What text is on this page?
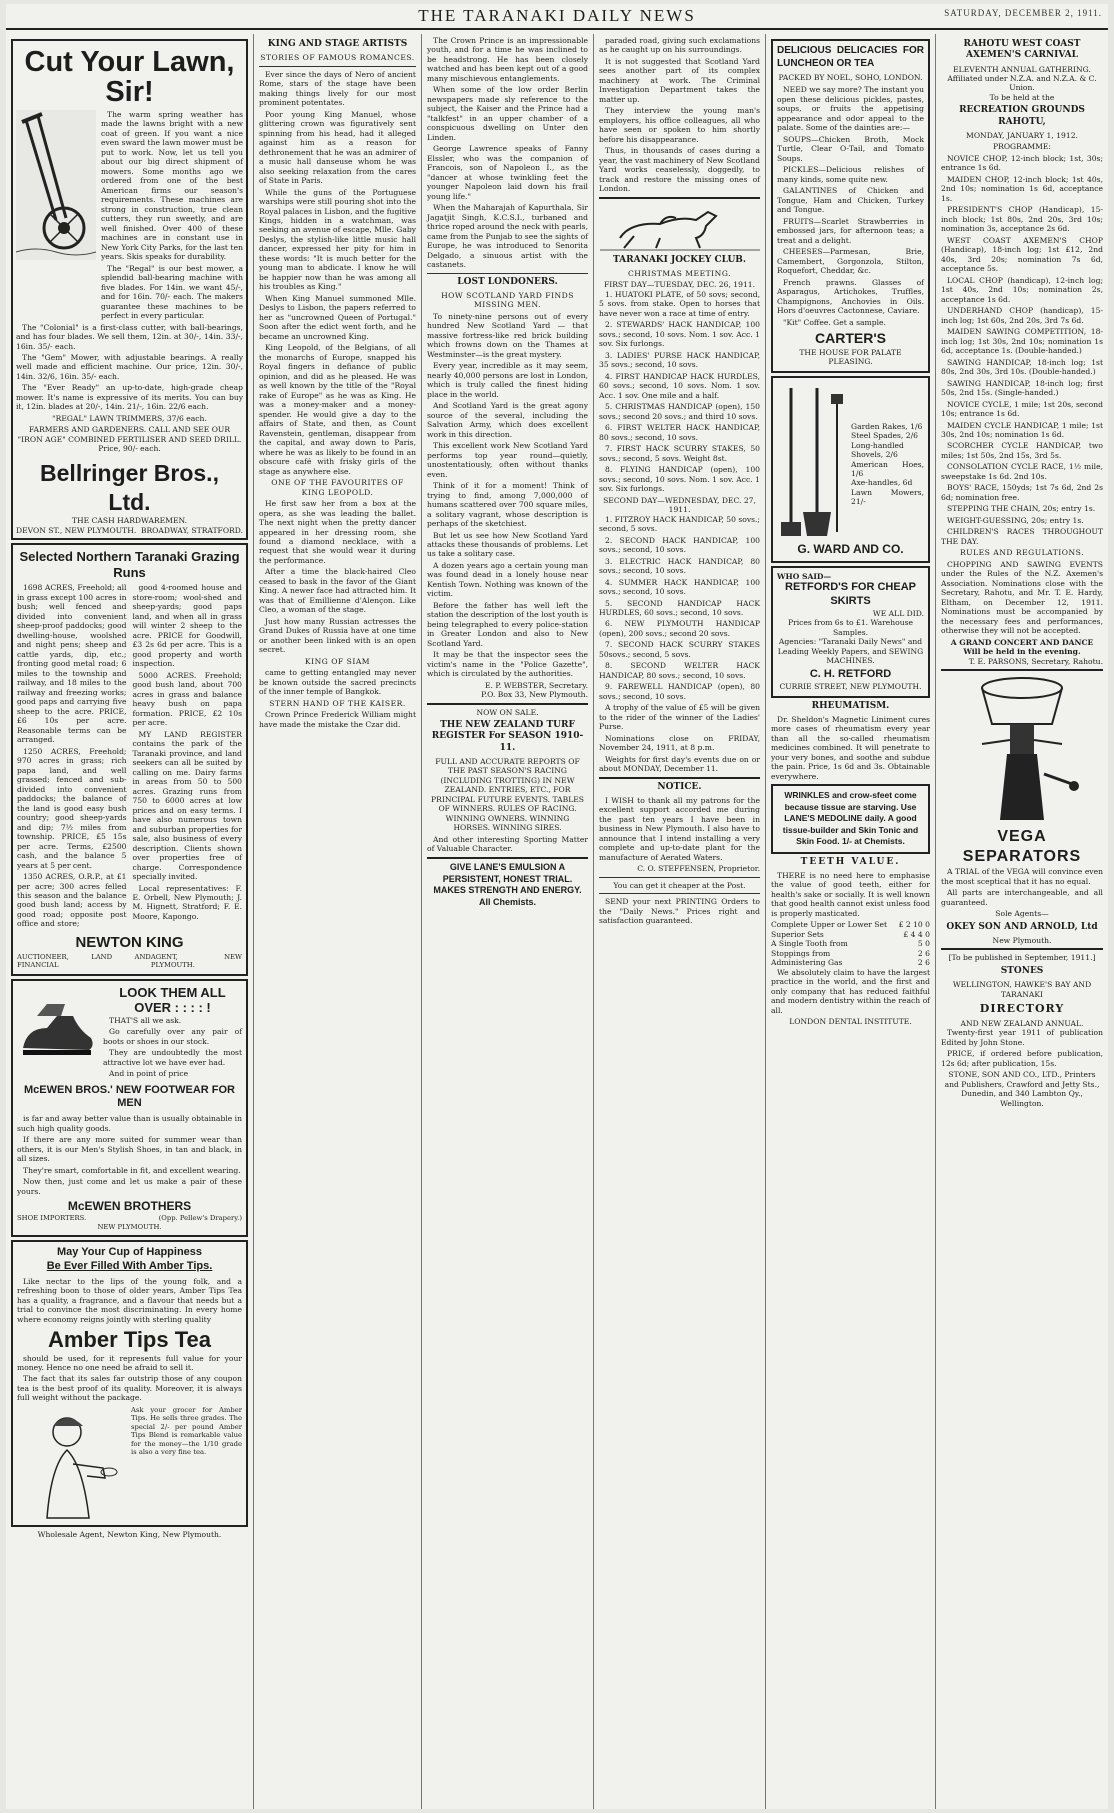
THE TARANAKI DAILY NEWS	SATURDAY, DECEMBER 2, 1911.
Cut Your Lawn, Sir!

The warm spring weather has made the lawns bright with a new coat of green. If you want a nice even sward the lawn mower must be put to work. Now, let us tell you about our big direct shipment of mowers. Some months ago we ordered from one of the best American firms our season's requirements. These machines are strong in construction, true clean cutters, they run sweetly, and are well finished. Over 400 of these machines are in constant use in New York City Parks, for the last ten years. Skis speaks for durability.

The "Regal" is our best mower, a splendid ball-bearing machine with five blades. For 14in. we want 45/-, and for 16in. 70/- each. The makers guarantee these machines to be perfect in every particular.

The "Colonial" is a first-class cutter, with ball-bearings, and has four blades. We sell them, 12in. at 30/-, 14in. 33/-, 16in. 35/- each.

The "Gem" Mower, with adjustable bearings. A really well made and efficient machine. Our price, 12in. 30/-, 14in. 32/6, 16in. 35/- each.

The "Ever Ready" an up-to-date, high-grade cheap mower. It's name is expressive of its merits. You can buy it, 12in. blades at 20/-, 14in. 21/-, 16in. 22/6 each.

"REGAL" LAWN TRIMMERS, 37/6 each.
FARMERS AND GARDENERS. CALL AND SEE OUR "IRON AGE" COMBINED FERTILISER AND SEED DRILL. Price, 90/- each.
Bellringer Bros., Ltd.
THE CASH HARDWAREMEN.
DEVON ST., NEW PLYMOUTH. BROADWAY, STRATFORD.
Selected Northern Taranaki Grazing Runs

1698 ACRES, Freehold; all in grass except 100 acres in bush; well fenced and divided into convenient sheep-proof paddocks; good dwelling-house, woolshed and night pens; sheep and cattle yards, dip, etc.; fronting good metal road; 6 miles to the township and railway, and 18 miles to the railway and freezing works; good paps and carrying five sheep to the acre. PRICE, £6 10s per acre. Reasonable terms can be arranged.

1250 ACRES, Freehold; 970 acres in grass; rich papa land, and well grassed; fenced and sub-divided into convenient paddocks; the balance of the land is good easy bush country; good sheep-yards and dip; 7½ miles from township. PRICE, £5 15s per acre. Terms, £2500 cash, and the balance 5 years at 5 per cent.

1350 ACRES, O.R.P., at £1 per acre; 300 acres felled this season and the balance good bush land; access by good road; opposite post office and store;

good 4-roomed house and store-room; wool-shed and sheep-yards; good paps land, and when all in grass will winter 2 sheep to the acre. PRICE for Goodwill, £3 2s 6d per acre. This is a good property and worth inspection.

5000 ACRES. Freehold; good bush land, about 700 acres in grass and balance heavy bush on papa formation. PRICE, £2 10s per acre.

MY LAND REGISTER contains the park of the Taranaki province, and land seekers can all be suited by calling on me. Dairy farms in areas from 50 to 500 acres. Grazing runs from 750 to 6000 acres at low prices and on easy terms. I have also numerous town and suburban properties for sale, also business of every description. Clients shown over properties free of charge. Correspondence specially invited.

Local representatives: F. E. Orbell, New Plymouth; J. M. Hignett, Stratford; F. E. Moore, Kapongo.

NEWTON KING
AUCTIONEER, LAND AND FINANCIAL
AGENT, NEW PLYMOUTH.
LOOK THEM ALL OVER : : : : !

THAT'S all we ask.

Go carefully over any pair of boots or shoes in our stock.

They are undoubtedly the most attractive lot we have ever had.

And in point of price

McEWEN BROS.' NEW FOOTWEAR FOR MEN

is far and away better value than is usually obtainable in such high quality goods.

If there are any more suited for summer wear than others, it is our Men's Stylish Shoes, in tan and black, in all sizes.

They're smart, comfortable in fit, and excellent wearing.

Now then, just come and let us make a pair of these yours.

McEWEN BROTHERS
SHOE IMPORTERS.	(Opp. Pellew's Drapery.)
NEW PLYMOUTH.
May Your Cup of Happiness
Be Ever Filled With Amber Tips.

Like nectar to the lips of the young folk, and a refreshing boon to those of older years, Amber Tips Tea has a quality, a fragrance, and a flavour that needs but a trial to convince the most discriminating. In every home where economy reigns jointly with sterling quality

Amber Tips Tea

should be used, for it represents full value for your money. Hence no one need be afraid to sell it.

The fact that its sales far outstrip those of any coupon tea is the best proof of its quality. Moreover, it is always full weight without the package.

Ask your grocer for Amber Tips. He sells three grades. The special 2/- per pound Amber Tips Blend is remarkable value for the money—the 1/10 grade is also a very fine tea.

Wholesale Agent, Newton King, New Plymouth.
KING AND STAGE ARTISTS
STORIES OF FAMOUS ROMANCES.

Ever since the days of Nero of ancient Rome, stars of the stage have been making things lively for our most prominent potentates.

Poor young King Manuel, whose glittering crown was figuratively sent spinning from his head, had it alleged against him as a reason for dethronement that he was an admirer of a music hall danseuse whom he was also seeking relaxation from the cares of State in Paris.

While the guns of the Portuguese warships were still pouring shot into the Royal palaces in Lisbon, and the fugitive Kings, hidden in a watchman, was seeking an avenue of escape, Mlle. Gaby Deslys, the stylish-like little music hall dancer, expressed her pity for him in these words: "It is much better for the young man to abdicate. I know he will be happier now than he was among all his troubles as King."

When King Manuel summoned Mlle. Deslys to Lisbon, the papers referred to her as "uncrowned Queen of Portugal." Soon after the edict went forth, and he became an uncrowned King.

King Leopold, of the Belgians, of all the monarchs of Europe, snapped his Royal fingers in defiance of public opinion, and did as he pleased. He was as well known by the title of the "Royal rake of Europe" as he was as King. He was a money-maker and a money-spender. He would give a day to the affairs of State, and then, as Count Ravenstein, gentleman, disappear from the capital, and away down to Paris, where he was as likely to be found in an obscure café with frisky girls of the stage as anywhere else.

ONE OF THE FAVOURITES OF KING LEOPOLD.

He first saw her from a box at the opera, as she was leading the ballet. The next night when the pretty dancer appeared in her dressing room, she found a diamond necklace, with a request that she would wear it during the performance.

After a time the black-haired Cleo ceased to bask in the favor of the Giant King. A newer face had attracted him. It was that of Emillienne d'Alençon. Like Cleo, a woman of the stage.

Just how many Russian actresses the Grand Dukes of Russia have at one time or another been linked with is an open secret.

KING OF SIAM

came to getting entangled may never be known outside the sacred precincts of the inner temple of Bangkok.

STERN HAND OF THE KAISER.

Crown Prince Frederick William might have made the mistake the Czar did.

The Crown Prince is an impressionable youth, and for a time he was inclined to be headstrong. He has been closely watched and has been kept out of a good many mischievous entanglements.

When some of the low order Berlin newspapers made sly reference to the subject, the Kaiser and the Prince had a "talkfest" in an upper chamber of a conspicuous dwelling on Unter den Linden.

George Lawrence speaks of Fanny Elssler, who was the companion of Francois, son of Napoleon I., as the "dancer at whose twinkling feet the younger Napoleon laid down his frail young life."

When the Maharajah of Kapurthala, Sir Jagatjit Singh, K.C.S.I., turbaned and thrice roped around the neck with pearls, came from the Punjab to see the sights of Europe, he was introduced to Senorita Delgado, a sinuous artist with the castanets.

LOST LONDONERS.
HOW SCOTLAND YARD FINDS MISSING MEN.

To ninety-nine persons out of every hundred New Scotland Yard — that massive fortress-like red brick building which frowns down on the Thames at Westminster—is the great mystery.

Every year, incredible as it may seem, nearly 40,000 persons are lost in London, which is truly called the finest hiding place in the world.

And Scotland Yard is the great agony source of the several, including the Salvation Army, which does excellent work in this direction.

This excellent work New Scotland Yard performs top year round—quietly, unostentatiously, often without thanks even.

Think of it for a moment! Think of trying to find, among 7,000,000 of humans scattered over 700 square miles, a solitary vagrant, whose description is perhaps of the sketchiest.

But let us see how New Scotland Yard attacks these thousands of problems. Let us take a solitary case.

A dozen years ago a certain young man was found dead in a lonely house near Kentish Town. Nothing was known of the victim.

Before the father has well left the station the description of the lost youth is being telegraphed to every police-station in Greater London and also to New Scotland Yard.

It may be that the inspector sees the victim's name in the "Police Gazette", which is circulated by the authorities.

E. P. WEBSTER, Secretary.
P.O. Box 33, New Plymouth.
NOW ON SALE.
THE NEW ZEALAND TURF REGISTER For SEASON 1910-11.

FULL AND ACCURATE REPORTS OF THE PAST SEASON'S RACING (INCLUDING TROTTING) IN NEW ZEALAND. ENTRIES, ETC., FOR PRINCIPAL FUTURE EVENTS. TABLES OF WINNERS. RULES OF RACING. WINNING OWNERS. WINNING HORSES. WINNING SIRES.

And other interesting Sporting Matter of Valuable Character.

GIVE LANE'S EMULSION A PERSISTENT, HONEST TRIAL. MAKES STRENGTH AND ENERGY. All Chemists.

paraded road, giving such exclamations as he caught up on his surroundings.

It is not suggested that Scotland Yard sees another part of its complex machinery at work. The Criminal Investigation Department takes the matter up.

They interview the young man's employers, his office colleagues, all who have seen or spoken to him shortly before his disappearance.

Thus, in thousands of cases during a year, the vast machinery of New Scotland Yard works ceaselessly, doggedly, to track and restore the missing ones of London.

TARANAKI JOCKEY CLUB.
CHRISTMAS MEETING.
FIRST DAY—TUESDAY, DEC. 26, 1911.

1. HUATOKI PLATE, of 50 sovs; second, 5 sovs. from stake. Open to horses that have never won a race at time of entry.

2. STEWARDS' HACK HANDICAP, 100 sovs.; second, 10 sovs. Nom. 1 sov. Acc. 1 sov. Six furlongs.

3. LADIES' PURSE HACK HANDICAP, 35 sovs.; second, 10 sovs.

4. FIRST HANDICAP HACK HURDLES, 60 sovs.; second, 10 sovs. Nom. 1 sov. Acc. 1 sov. One mile and a half.

5. CHRISTMAS HANDICAP (open), 150 sovs.; second 20 sovs.; and third 10 sovs.

6. FIRST WELTER HACK HANDICAP, 80 sovs.; second, 10 sovs.

7. FIRST HACK SCURRY STAKES, 50 sovs.; second, 5 sovs. Weight 8st.

8. FLYING HANDICAP (open), 100 sovs.; second, 10 sovs. Nom. 1 sov. Acc. 1 sov. Six furlongs.

SECOND DAY—WEDNESDAY, DEC. 27, 1911.

1. FITZROY HACK HANDICAP, 50 sovs.; second, 5 sovs.

2. SECOND HACK HANDICAP, 100 sovs.; second, 10 sovs.

3. ELECTRIC HACK HANDICAP, 80 sovs.; second, 10 sovs.

4. SUMMER HACK HANDICAP, 100 sovs.; second, 10 sovs.

5. SECOND HANDICAP HACK HURDLES, 60 sovs.; second, 10 sovs.

6. NEW PLYMOUTH HANDICAP (open), 200 sovs.; second 20 sovs.

7. SECOND HACK SCURRY STAKES 50sovs.; second, 5 sovs.

8. SECOND WELTER HACK HANDICAP, 80 sovs.; second, 10 sovs.

9. FAREWELL HANDICAP (open), 80 sovs.; second, 10 sovs.

A trophy of the value of £5 will be given to the rider of the winner of the Ladies' Purse.

Nominations close on FRIDAY, November 24, 1911, at 8 p.m.

Weights for first day's events due on or about MONDAY, December 11.

NOTICE.

I WISH to thank all my patrons for the excellent support accorded me during the past ten years I have been in business in New Plymouth. I also have to announce that I intend installing a very complete and up-to-date plant for the manufacture of Aerated Waters.

C. O. STEFFENSEN, Proprietor.
You can get it cheaper at the Post.

SEND your next PRINTING Orders to the "Daily News." Prices right and satisfaction guaranteed.

DELICIOUS DELICACIES FOR LUNCHEON OR TEA
PACKED BY NOEL, SOHO, LONDON.

NEED we say more? The instant you open these delicious pickles, pastes, soups, or fruits the appetising appearance and odor appeal to the palate. Some of the dainties are:—

SOUPS—Chicken Broth, Mock Turtle, Clear O-Tail, and Tomato Soups.

PICKLES—Delicious relishes of many kinds, some quite new.

GALANTINES of Chicken and Tongue, Ham and Chicken, Turkey and Tongue.

FRUITS—Scarlet Strawberries in embossed jars, for afternoon teas; a treat and a delight.

CHEESES—Parmesan, Brie, Camembert, Gorgonzola, Stilton, Roquefort, Cheddar, &c.

French prawns. Glasses of Asparagus, Artichokes, Truffles, Champignons, Anchovies in Oils. Hors d'oeuvres Cactonnese, Caviare.

"Kit" Coffee. Get a sample.

CARTER'S
THE HOUSE FOR PALATE PLEASING.
Garden Rakes, 1/6
Steel Spades, 2/6
Long-handled Shovels, 2/6
American Hoes, 1/6
Axe-handles, 6d
Lawn Mowers, 21/-
G. WARD AND CO.
WHO SAID—
RETFORD'S FOR CHEAP SKIRTS
WE ALL DID.
Prices from 6s to £1. Warehouse Samples.
Agencies: "Taranaki Daily News" and Leading Weekly Papers, and SEWING MACHINES.
C. H. RETFORD
CURRIE STREET, NEW PLYMOUTH.
RHEUMATISM.

Dr. Sheldon's Magnetic Liniment cures more cases of rheumatism every year than all the so-called rheumatism medicines combined. It will penetrate to your very bones, and soothe and subdue the pain. Price, 1s 6d and 3s. Obtainable everywhere.

WRINKLES and crow-sfeet come because tissue are starving. Use LANE'S MEDOLINE daily. A good tissue-builder and Skin Tonic and Skin Food. 1/- at Chemists.
TEETH VALUE.

THERE is no need here to emphasise the value of good teeth, either for health's sake or socially. It is well known that good health cannot exist unless food is properly masticated.

Complete Upper or Lower Set £ 2 10 0
Superior Sets	£ 4 4 0
A Single Tooth from	5 0
Stoppings from	2 6
Administering Gas	2 6

We absolutely claim to have the largest practice in the world, and the first and only company that has reduced faithful and modern dentistry within the reach of all.

LONDON DENTAL INSTITUTE.
RAHOTU WEST COAST AXEMEN'S CARNIVAL
ELEVENTH ANNUAL GATHERING.
Affiliated under N.Z.A. and N.Z.A. & C. Union.
To be held at the
RECREATION GROUNDS RAHOTU,
MONDAY, JANUARY 1, 1912.
PROGRAMME:

NOVICE CHOP, 12-inch block; 1st, 30s; entrance 1s 6d.

MAIDEN CHOP, 12-inch block; 1st 40s, 2nd 10s; nomination 1s 6d, acceptance 1s.

PRESIDENT'S CHOP (Handicap), 15-inch block; 1st 80s, 2nd 20s, 3rd 10s; nomination 3s, acceptance 2s 6d.

WEST COAST AXEMEN'S CHOP (Handicap), 18-inch log; 1st £12, 2nd 40s, 3rd 20s; nomination 7s 6d, acceptance 5s.

LOCAL CHOP (handicap), 12-inch log; 1st 40s, 2nd 10s; nomination 2s, acceptance 1s 6d.

UNDERHAND CHOP (handicap), 15-inch log; 1st 60s, 2nd 20s, 3rd 7s 6d.

MAIDEN SAWING COMPETITION, 18-inch log; 1st 30s, 2nd 10s; nomination 1s 6d, acceptance 1s. (Double-handed.)

SAWING HANDICAP, 18-inch log; 1st 80s, 2nd 30s, 3rd 10s. (Double-handed.)

SAWING HANDICAP, 18-inch log; first 50s, 2nd 15s. (Single-handed.)

NOVICE CYCLE, 1 mile; 1st 20s, second 10s; entrance 1s 6d.

MAIDEN CYCLE HANDICAP, 1 mile; 1st 30s, 2nd 10s; nomination 1s 6d.

SCORCHER CYCLE HANDICAP, two miles; 1st 50s, 2nd 15s, 3rd 5s.

CONSOLATION CYCLE RACE, 1½ mile, sweepstake 1s 6d. 2nd 10s.

BOYS' RACE, 150yds; 1st 7s 6d, 2nd 2s 6d; nomination free.

STEPPING THE CHAIN, 20s; entry 1s.

WEIGHT-GUESSING, 20s; entry 1s.

CHILDREN'S RACES THROUGHOUT THE DAY.

RULES AND REGULATIONS.

CHOPPING AND SAWING EVENTS under the Rules of the N.Z. Axemen's Association. Nominations close with the Secretary, Rahotu, and Mr. T. E. Hardy, Eltham, on December 12, 1911. Nominations must be accompanied by the necessary fees and performances, otherwise they will not be accepted.

A GRAND CONCERT AND DANCE Will be held in the evening.
T. E. PARSONS, Secretary, Rahotu.
VEGA SEPARATORS

A TRIAL of the VEGA will convince even the most sceptical that it has no equal.

All parts are interchangeable, and all guaranteed.

Sole Agents—
OKEY SON AND ARNOLD, Ltd
New Plymouth.
[To be published in September, 1911.]
STONES
WELLINGTON, HAWKE'S BAY AND TARANAKI
DIRECTORY
AND NEW ZEALAND ANNUAL.

Twenty-first year 1911 of publication Edited by John Stone.

PRICE, if ordered before publication, 12s 6d; after publication, 15s.

STONE, SON AND CO., LTD., Printers and Publishers, Crawford and Jetty Sts., Dunedin, and 340 Lambton Qy., Wellington.
